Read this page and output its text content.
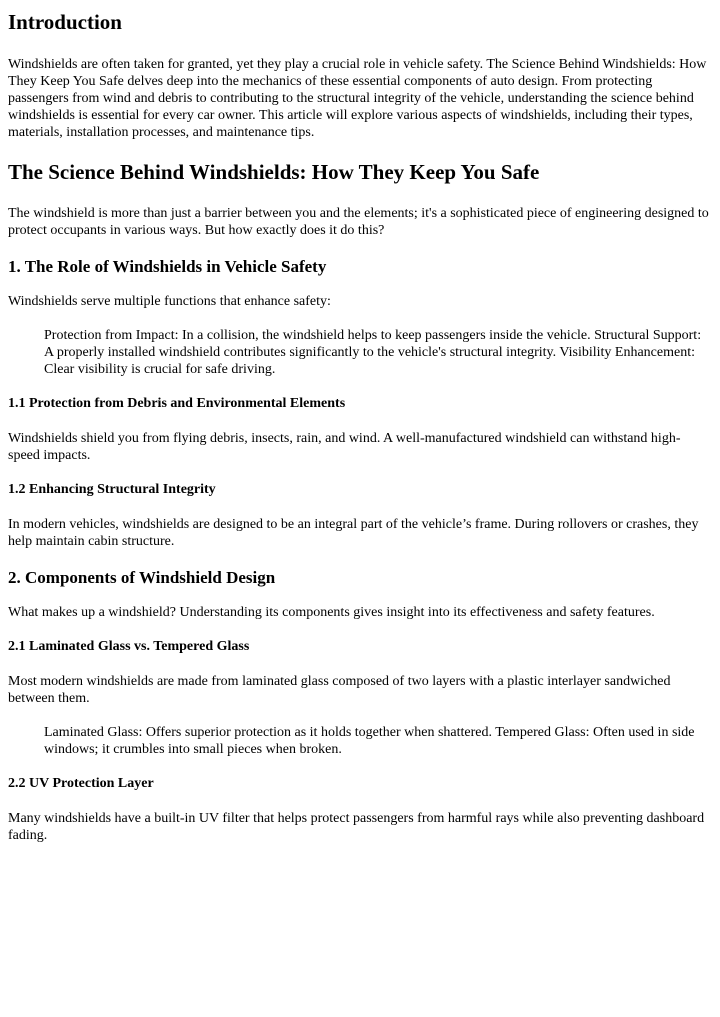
Introduction

Windshields are often taken for granted, yet they play a crucial role in vehicle safety. The Science Behind Windshields: How They Keep You Safe delves deep into the mechanics of these essential components of auto design. From protecting passengers from wind and debris to contributing to the structural integrity of the vehicle, understanding the science behind windshields is essential for every car owner. This article will explore various aspects of windshields, including their types, materials, installation processes, and maintenance tips.

The Science Behind Windshields: How They Keep You Safe

The windshield is more than just a barrier between you and the elements; it's a sophisticated piece of engineering designed to protect occupants in various ways. But how exactly does it do this?

1. The Role of Windshields in Vehicle Safety

Windshields serve multiple functions that enhance safety:

Protection from Impact: In a collision, the windshield helps to keep passengers inside the vehicle. Structural Support: A properly installed windshield contributes significantly to the vehicle's structural integrity. Visibility Enhancement: Clear visibility is crucial for safe driving.

1.1 Protection from Debris and Environmental Elements

Windshields shield you from flying debris, insects, rain, and wind. A well-manufactured windshield can withstand high-speed impacts.

1.2 Enhancing Structural Integrity

In modern vehicles, windshields are designed to be an integral part of the vehicle’s frame. During rollovers or crashes, they help maintain cabin structure.

2. Components of Windshield Design

What makes up a windshield? Understanding its components gives insight into its effectiveness and safety features.

2.1 Laminated Glass vs. Tempered Glass

Most modern windshields are made from laminated glass composed of two layers with a plastic interlayer sandwiched between them.

Laminated Glass: Offers superior protection as it holds together when shattered. Tempered Glass: Often used in side windows; it crumbles into small pieces when broken.

2.2 UV Protection Layer

Many windshields have a built-in UV filter that helps protect passengers from harmful rays while also preventing dashboard fading.
